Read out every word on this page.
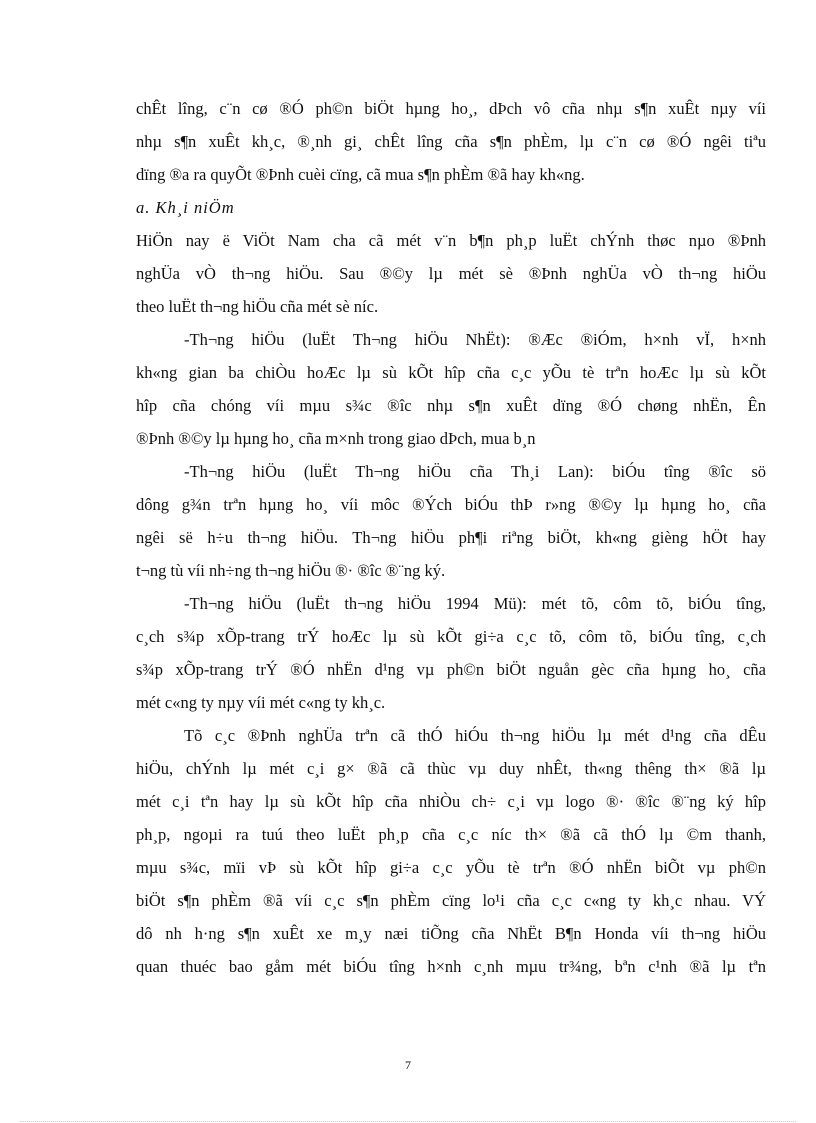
chÊt lîng, c¨n cø ®Ó ph©n biÖt hµng ho¸, dÞch vô cña nhµ s¶n xuÊt nµy víi
nhµ s¶n xuÊt kh¸c, ®¸nh gi¸ chÊt lîng cña s¶n phÈm, lµ c¨n cø ®Ó ngêi tiªu
dïng ®a ra quyÕt ®Þnh cuèi cïng, cã mua s¶n phÈm ®ã hay kh«ng.
a. Kh¸i niÖm
HiÖn nay ë ViÖt Nam cha cã mét v¨n b¶n ph¸p luËt chÝnh thøc nµo ®Þnh
nghÜa vÒ th¬ng hiÖu. Sau ®©y lµ mét sè ®Þnh nghÜa vÒ th¬ng hiÖu
theo luËt th¬ng hiÖu cña mét sè níc.
-Th¬ng hiÖu (luËt Th¬ng hiÖu NhËt): ®Æc ®iÓm, h×nh vÏ, h×nh
kh«ng gian ba chiÒu hoÆc lµ sù kÕt hîp cña c¸c yÕu tè trªn hoÆc lµ sù kÕt
hîp cña chóng víi mµu s¾c ®îc nhµ s¶n xuÊt dïng ®Ó chøng nhËn, Ên
®Þnh ®©y lµ hµng ho¸ cña m×nh trong giao dÞch, mua b¸n
-Th¬ng hiÖu (luËt Th¬ng hiÖu cña Th¸i Lan): biÓu tîng ®îc sö
dông g¾n trªn hµng ho¸ víi môc ®Ých biÓu thÞ r»ng ®©y lµ hµng ho¸ cña
ngêi së h÷u th¬ng hiÖu. Th¬ng hiÖu ph¶i riªng biÖt, kh«ng gièng hÖt hay
t¬ng tù víi nh÷ng th¬ng hiÖu ®· ®îc ®¨ng ký.
-Th¬ng hiÖu (luËt th¬ng hiÖu 1994 Mü): mét tõ, côm tõ, biÓu tîng,
c¸ch s¾p xÕp-trang trÝ hoÆc lµ sù kÕt gi÷a c¸c tõ, côm tõ, biÓu tîng, c¸ch
s¾p xÕp-trang trÝ ®Ó nhËn d¹ng vµ ph©n biÖt nguån gèc cña hµng ho¸ cña
mét c«ng ty nµy víi mét c«ng ty kh¸c.
Tõ c¸c ®Þnh nghÜa trªn cã thÓ hiÓu th¬ng hiÖu lµ mét d¹ng cña dÊu
hiÖu, chÝnh lµ mét c¸i g× ®ã cã thùc vµ duy nhÊt, th«ng thêng th× ®ã lµ
mét c¸i tªn hay lµ sù kÕt hîp cña nhiÒu ch÷ c¸i vµ logo ®· ®îc ®¨ng ký hîp
ph¸p, ngoµi ra tuú theo luËt ph¸p cña c¸c níc th× ®ã cã thÓ lµ ©m thanh,
mµu s¾c, mïi vÞ sù kÕt hîp gi÷a c¸c yÕu tè trªn ®Ó nhËn biÕt vµ ph©n
biÖt s¶n phÈm ®ã víi c¸c s¶n phÈm cïng lo¹i cña c¸c c«ng ty kh¸c nhau. VÝ
dô nh h·ng s¶n xuÊt xe m¸y næi tiÕng cña NhËt B¶n Honda víi th¬ng hiÖu
quan thuéc bao gåm mét biÓu tîng h×nh c¸nh mµu tr¾ng, bªn c¹nh ®ã lµ tªn
7
